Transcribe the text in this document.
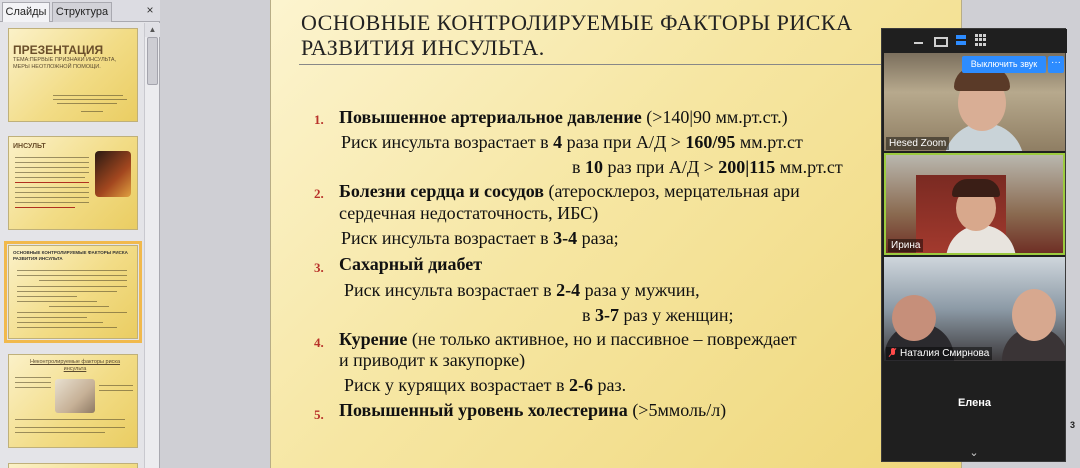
Слайды Структура	×
ПРЕЗЕНТАЦИЯ
ТЕМА:ПЕРВЫЕ ПРИЗНАКИ ИНСУЛЬТА, МЕРЫ НЕОТЛОЖНОЙ ПОМОЩИ.
ИНСУЛЬТ
ОСНОВНЫЕ КОНТРОЛИРУЕМЫЕ ФАКТОРЫ РИСКА РАЗВИТИЯ ИНСУЛЬТА
Неконтролируемые факторы риска инсульта
▲	ОСНОВНЫЕ КОНТРОЛИРУЕМЫЕ ФАКТОРЫ РИСКА РАЗВИТИЯ ИНСУЛЬТА.
1. Повышенное артериальное давление (>140|90 мм.рт.ст.)
Риск инсульта возрастает в 4 раза при А/Д > 160/95 мм.рт.ст
в 10 раз при А/Д > 200|115 мм.рт.ст
2. Болезни сердца и сосудов (атеросклероз, мерцательная ари
сердечная недостаточность, ИБС)
Риск инсульта возрастает в 3-4 раза;
3. Сахарный диабет
Риск инсульта возрастает в 2-4 раза у мужчин,
в 3-7 раз у женщин;
4. Курение (не только активное, но и пассивное – повреждает
и приводит к закупорке)
Риск у курящих возрастает в 2-6 раз.
5. Повышенный уровень холестерина (>5ммоль/л)
Выключить звук	···
Hesed Zoom
Ирина
Наталия Смирнова
Елена
⌄
3
